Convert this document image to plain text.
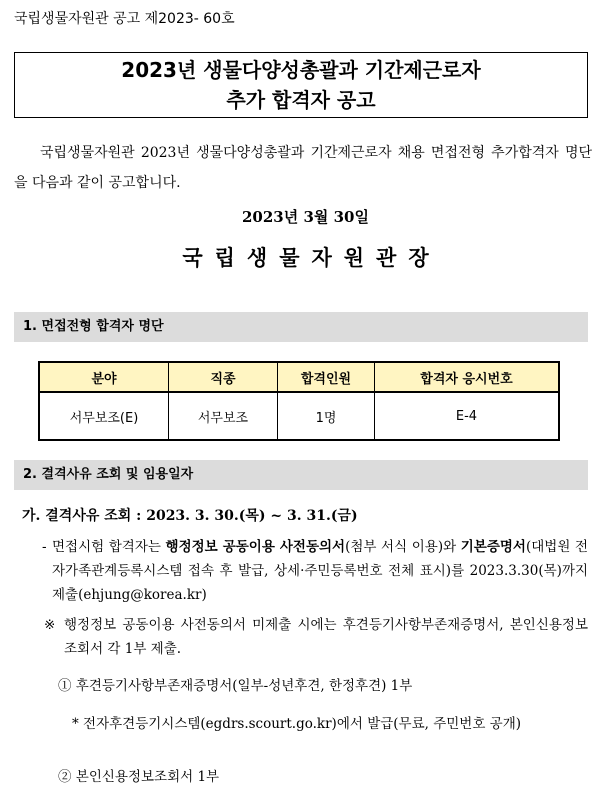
국립생물자원관 공고 제2023- 60호
2023년 생물다양성총괄과 기간제근로자
추가 합격자 공고
국립생물자원관 2023년 생물다양성총괄과 기간제근로자 채용 면접전형 추가합격자 명단을 다음과 같이 공고합니다.
2023년 3월 30일
국립생물자원관장
1. 면접전형 합격자 명단
분야	직종	합격인원	합격자 응시번호
서무보조(E)	서무보조	1명	E-4
2. 결격사유 조회 및 임용일자
가. 결격사유 조회 : 2023. 3. 30.(목) ~ 3. 31.(금)
- 면접시험 합격자는 행정정보 공동이용 사전동의서(첨부 서식 이용)와 기본증명서(대법원 전자가족관계등록시스템 접속 후 발급, 상세·주민등록번호 전체 표시)를 2023.3.30(목)까지 제출(ehjung@korea.kr)
※ 행정정보 공동이용 사전동의서 미제출 시에는 후견등기사항부존재증명서, 본인신용정보조회서 각 1부 제출.
① 후견등기사항부존재증명서(일부-성년후견, 한정후견) 1부
* 전자후견등기시스템(egdrs.scourt.go.kr)에서 발급(무료, 주민번호 공개)
② 본인신용정보조회서 1부
